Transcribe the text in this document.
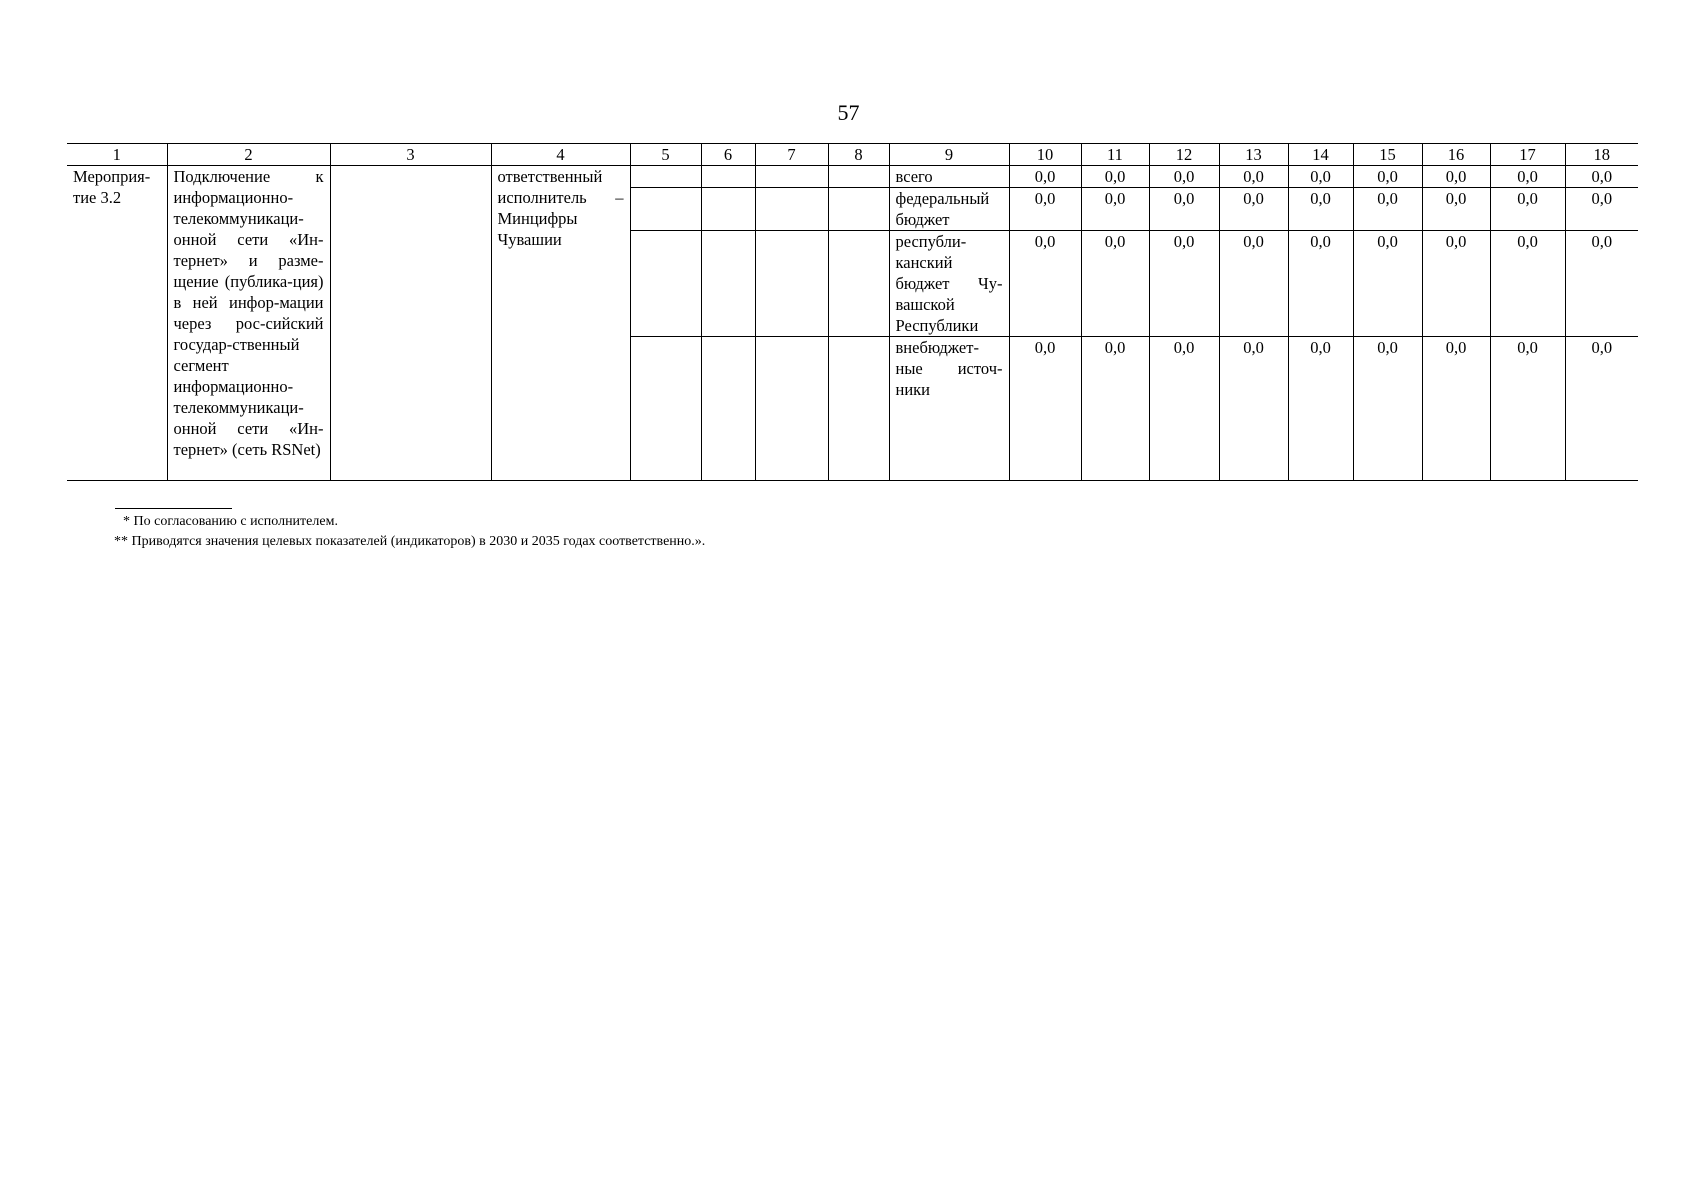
57
1	2	3	4	5	6	7	8	9	10	11	12	13	14	15	16	17	18
Мероприя-тие 3.2	Подключение к информационно-телекоммуникаци-онной сети «Ин-тернет» и разме-щение (публика-ция) в ней инфор-мации через рос-сийский государ-ственный сегмент информационно-телекоммуникаци-онной сети «Ин-тернет» (сеть RSNet)		ответственный исполнитель – Минцифры Чувашии					всего	0,0	0,0	0,0	0,0	0,0	0,0	0,0	0,0	0,0
								федеральный бюджет	0,0	0,0	0,0	0,0	0,0	0,0	0,0	0,0	0,0
								республи-канский бюджет Чу-вашской Республики	0,0	0,0	0,0	0,0	0,0	0,0	0,0	0,0	0,0
								внебюджет-ные источ-ники	0,0	0,0	0,0	0,0	0,0	0,0	0,0	0,0	0,0
* По согласованию с исполнителем.
** Приводятся значения целевых показателей (индикаторов) в 2030 и 2035 годах соответственно.».
